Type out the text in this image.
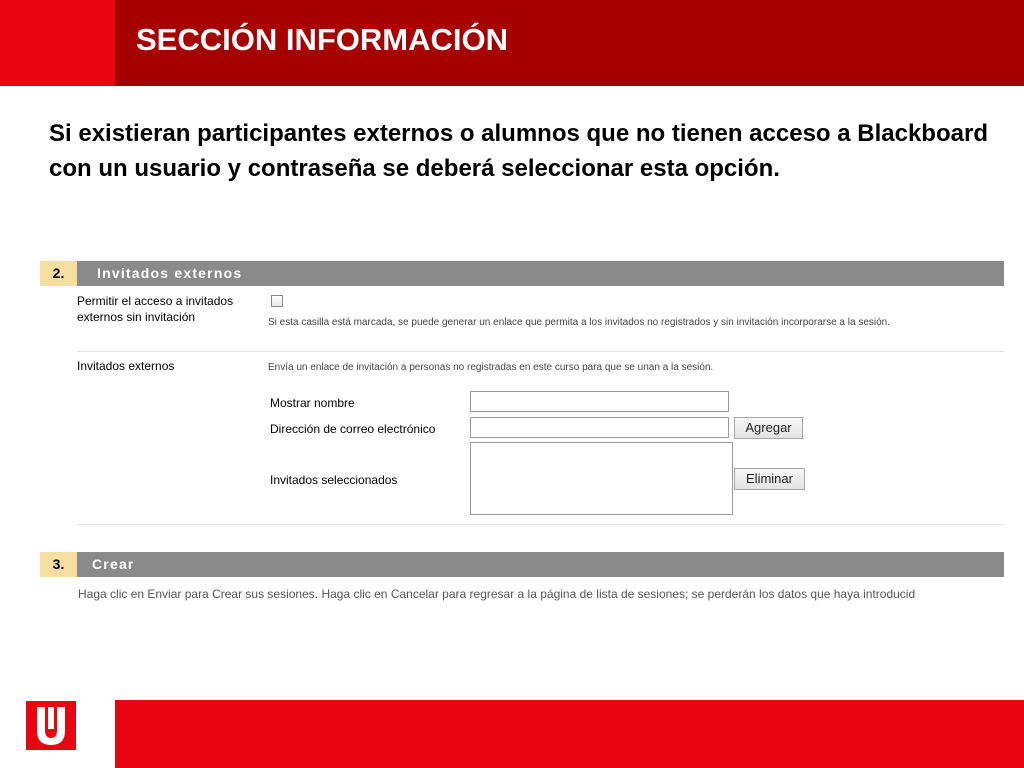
SECCIÓN INFORMACIÓN

Si existieran participantes externos o alumnos que no tienen acceso a Blackboard con un usuario y contraseña se deberá seleccionar esta opción.

2.	Invitados externos
Permitir el acceso a invitados externos sin invitación	Si esta casilla está marcada, se puede generar un enlace que permita a los invitados no registrados y sin invitación incorporarse a la sesión.
Invitados externos	Envía un enlace de invitación a personas no registradas en este curso para que se unan a la sesión.
Mostrar nombre
Dirección de correo electrónico	Agregar
Invitados seleccionados	Eliminar
3.	Crear
Haga clic en Enviar para Crear sus sesiones. Haga clic en Cancelar para regresar a la página de lista de sesiones; se perderán los datos que haya introducid
